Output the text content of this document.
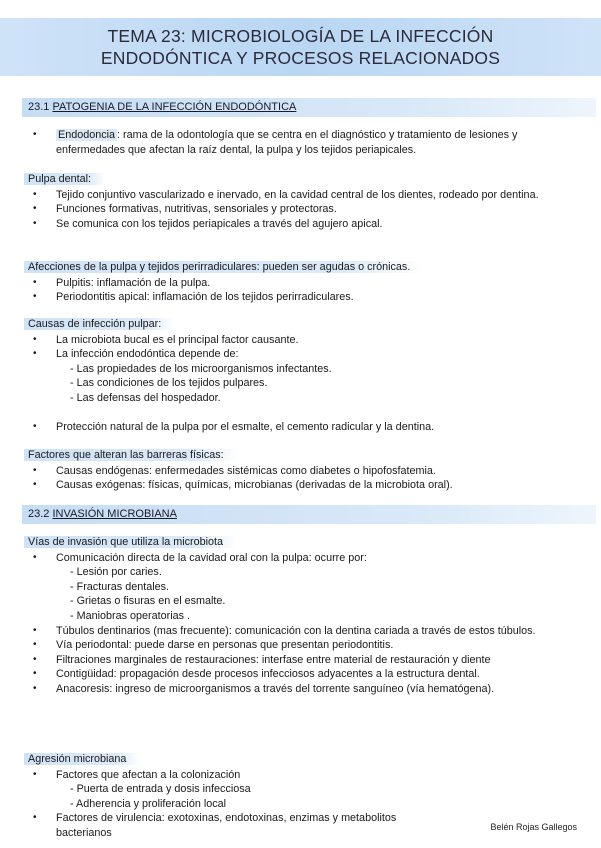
TEMA 23: MICROBIOLOGÍA DE LA INFECCIÓN
ENDODÓNTICA Y PROCESOS RELACIONADOS
23.1 PATOGENIA DE LA INFECCIÓN ENDODÓNTICA
• Endodoncia : rama de la odontología que se centra en el diagnóstico y tratamiento de lesiones y enfermedades que afectan la raíz dental, la pulpa y los tejidos periapicales.
Pulpa dental:
• Tejido conjuntivo vascularizado e inervado, en la cavidad central de los dientes, rodeado por dentina.
• Funciones formativas, nutritivas, sensoriales y protectoras.
• Se comunica con los tejidos periapicales a través del agujero apical.
Afecciones de la pulpa y tejidos perirradiculares: pueden ser agudas o crónicas.
• Pulpitis: inflamación de la pulpa.
• Periodontitis apical: inflamación de los tejidos perirradiculares.
Causas de infección pulpar:
• La microbiota bucal es el principal factor causante.
• La infección endodóntica depende de:
- Las propiedades de los microorganismos infectantes.
- Las condiciones de los tejidos pulpares.
- Las defensas del hospedador.
• Protección natural de la pulpa por el esmalte, el cemento radicular y la dentina.
Factores que alteran las barreras físicas:
• Causas endógenas: enfermedades sistémicas como diabetes o hipofosfatemia.
• Causas exógenas: físicas, químicas, microbianas (derivadas de la microbiota oral).
23.2 INVASIÓN MICROBIANA
Vías de invasión que utiliza la microbiota
• Comunicación directa de la cavidad oral con la pulpa: ocurre por:
- Lesión por caries.
- Fracturas dentales.
- Grietas o fisuras en el esmalte.
- Maniobras operatorias .
• Túbulos dentinarios (mas frecuente): comunicación con la dentina cariada a través de estos túbulos.
• Vía periodontal: puede darse en personas que presentan periodontitis.
• Filtraciones marginales de restauraciones: interfase entre material de restauración y diente
• Contigüidad: propagación desde procesos infecciosos adyacentes a la estructura dental.
• Anacoresis: ingreso de microorganismos a través del torrente sanguíneo (vía hematógena).
Agresión microbiana
• Factores que afectan a la colonización
- Puerta de entrada y dosis infecciosa
- Adherencia y proliferación local
• Factores de virulencia: exotoxinas, endotoxinas, enzimas y metabolitos bacterianos	Belén Rojas Gallegos
